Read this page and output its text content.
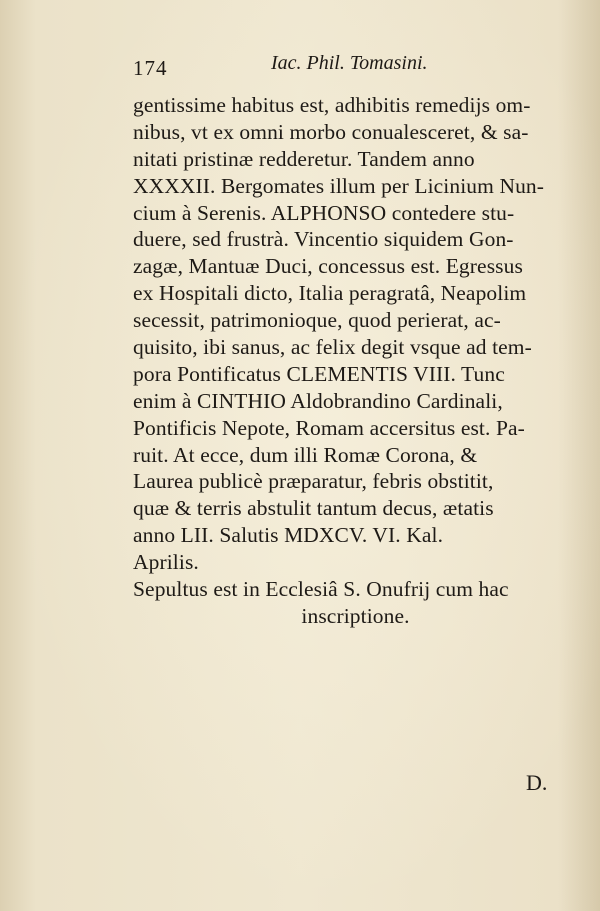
174	Iac. Phil. Tomasini.
gentissime habitus est, adhibitis remedijs om-
nibus, vt ex omni morbo conualesceret, & sa-
nitati pristinæ redderetur. Tandem anno
XXXXII. Bergomates illum per Licinium Nun-
cium à Serenis. ALPHONSO contedere stu-
duere, sed frustrà. Vincentio siquidem Gon-
zagæ, Mantuæ Duci, concessus est. Egressus
ex Hospitali dicto, Italia peragratâ, Neapolim
secessit, patrimonioque, quod perierat, ac-
quisito, ibi sanus, ac felix degit vsque ad tem-
pora Pontificatus CLEMENTIS VIII. Tunc
enim à CINTHIO Aldobrandino Cardinali,
Pontificis Nepote, Romam accersitus est. Pa-
ruit. At ecce, dum illi Romæ Corona, &
Laurea publicè præparatur, febris obstitit,
quæ & terris abstulit tantum decus, ætatis
anno LII. Salutis MDXCV. VI. Kal.
Aprilis.
Sepultus est in Ecclesiâ S. Onufrij cum hac
inscriptione.
D.
